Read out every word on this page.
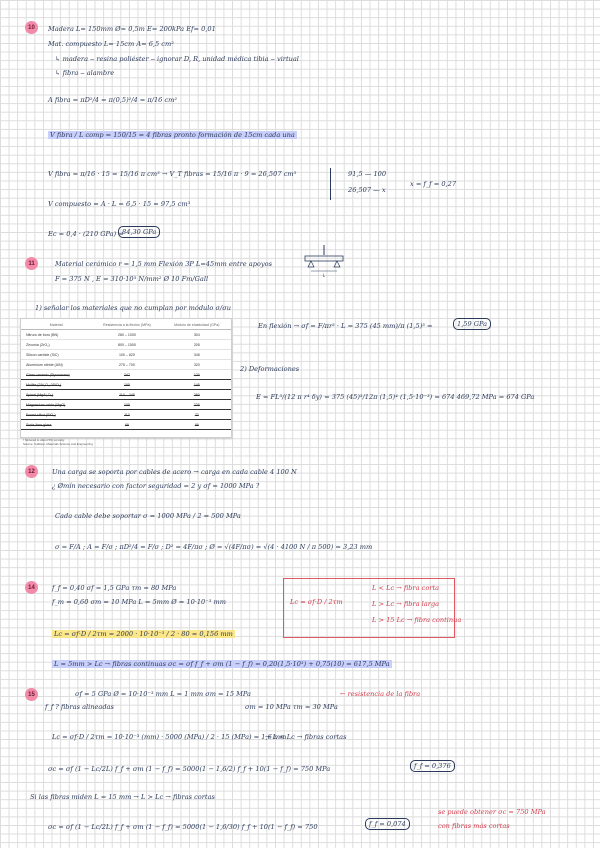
10	Madera L= 150mm Ø= 0,5m E= 200kPa Ef= 0,01
Mat. compuesto L= 15cm A= 6,5 cm²
↳ madera ‒ resina poliéster ‒ ignorar D, R, unidad médica tibia ‒ virtual
↳ fibra ‒ alambre
A fibra = πD²/4 = π(0,5)²/4 = π/16 cm²
V fibra / L comp = 150/15 = 4 fibras pronto formación de 15cm cada una
V fibra = π/16 · 15 = 15/16 π cm³ → V_T fibras = 15/16 π · 9 = 26,507 cm³	91,5 — 100
26,507 — x
x = f_f = 0,27
V compuesto = A · L = 6,5 · 15 = 97,5 cm³
Ec = 0,4 · (210 GPa) =
84,30 GPa
11	Material cerámico r = 1,5 mm Flexión 3P L=45mm entre apoyos
F = 375 N , E = 310·10³ N/mm² Ø 10 Fm/Gall	L
1) señalar los materiales que no cumplan por módulo σ/σu
Material	Resistencia a la flexión (MPa)	Módulo de elasticidad (GPa)
Nitruro de boro (BN)	280 – 1000	304
Zirconia (ZrO₂)	800 – 1500	205
Silicon carbide (SiC)	100 – 820	345
Aluminium nitride (AlN)	275 – 700	320
Glass-ceramic (Pyroceram)	247	120
Mullite (3Al₂O₃·2SiO₂)	185	145
Spinel (MgAl₂O₄)	110 – 245	260
Magnesium oxide (MgO)	105	225
Fused silica (SiO₂)	110	73
Soda-lime glass	69	69
³ Sintered to about 5% porosity.
Source: Callister, Materials Science and Engineering
En flexión → σf = F/πr³ · L = 375 (45 mm)/π (1,5)³ =	1,59 GPa
2) Deformaciones
E = FL³/(12 π r⁴ δy) = 375 (45)³/12π (1,5)⁴ (1,5·10⁻³) = 674 469,72 MPa = 674 GPa
12	Una carga se soporta por cables de acero → carga en cada cable 4 100 N
¿ Ømín necesario con factor seguridad = 2 y σf = 1000 MPa ?
Cada cable debe soportar σ = 1000 MPa / 2 = 500 MPa
σ = F/A ; A = F/σ ; πD²/4 = F/σ ; D² = 4F/πσ ; Ø = √(4F/πσ) = √(4 · 4100 N / π 500) = 3,23 mm
14	f_f = 0,40 σf = 1,5 GPa τm = 80 MPa
f_m = 0,60 σm = 10 MPa L = 5mm Ø = 10·10⁻³ mm
Lc = σf·D / 2τm = 2000 · 10·10⁻³ / 2 · 80 = 0,156 mm
L = 5mm > Lc → fibras continuas σc = σf f_f + σm (1 − f_f) = 0,20(1,5·10³) + 0,75(10) = 617,5 MPa
Lc = σf·D / 2τm
L < Lc → fibra corta
L > Lc → fibra larga
L > 15 Lc → fibra continua
15	σf = 5 GPa Ø = 10·10⁻³ mm L = 1 mm σm = 15 MPa
f_f ? fibras alineadas	σm = 10 MPa τm = 30 MPa
← resistencia de la fibra
Lc = σf·D / 2τm = 10·10⁻³ (mm) · 5000 (MPa) / 2 · 15 (MPa) = 1,6 mm
→ L < Lc → fibras cortas
σc = σf (1 − Lc/2L) f_f + σm (1 − f_f) = 5000(1 − 1,6/2) f_f + 10(1 − f_f) = 750 MPa	f_f = 0,376
Si las fibras miden L = 15 mm → L > Lc → fibras cortas
σc = σf (1 − Lc/2L) f_f + σm (1 − f_f) = 5000(1 − 1,6/30) f_f + 10(1 − f_f) = 750	f_f = 0,074
se puede obtener σc = 750 MPa
con fibras más cortas
